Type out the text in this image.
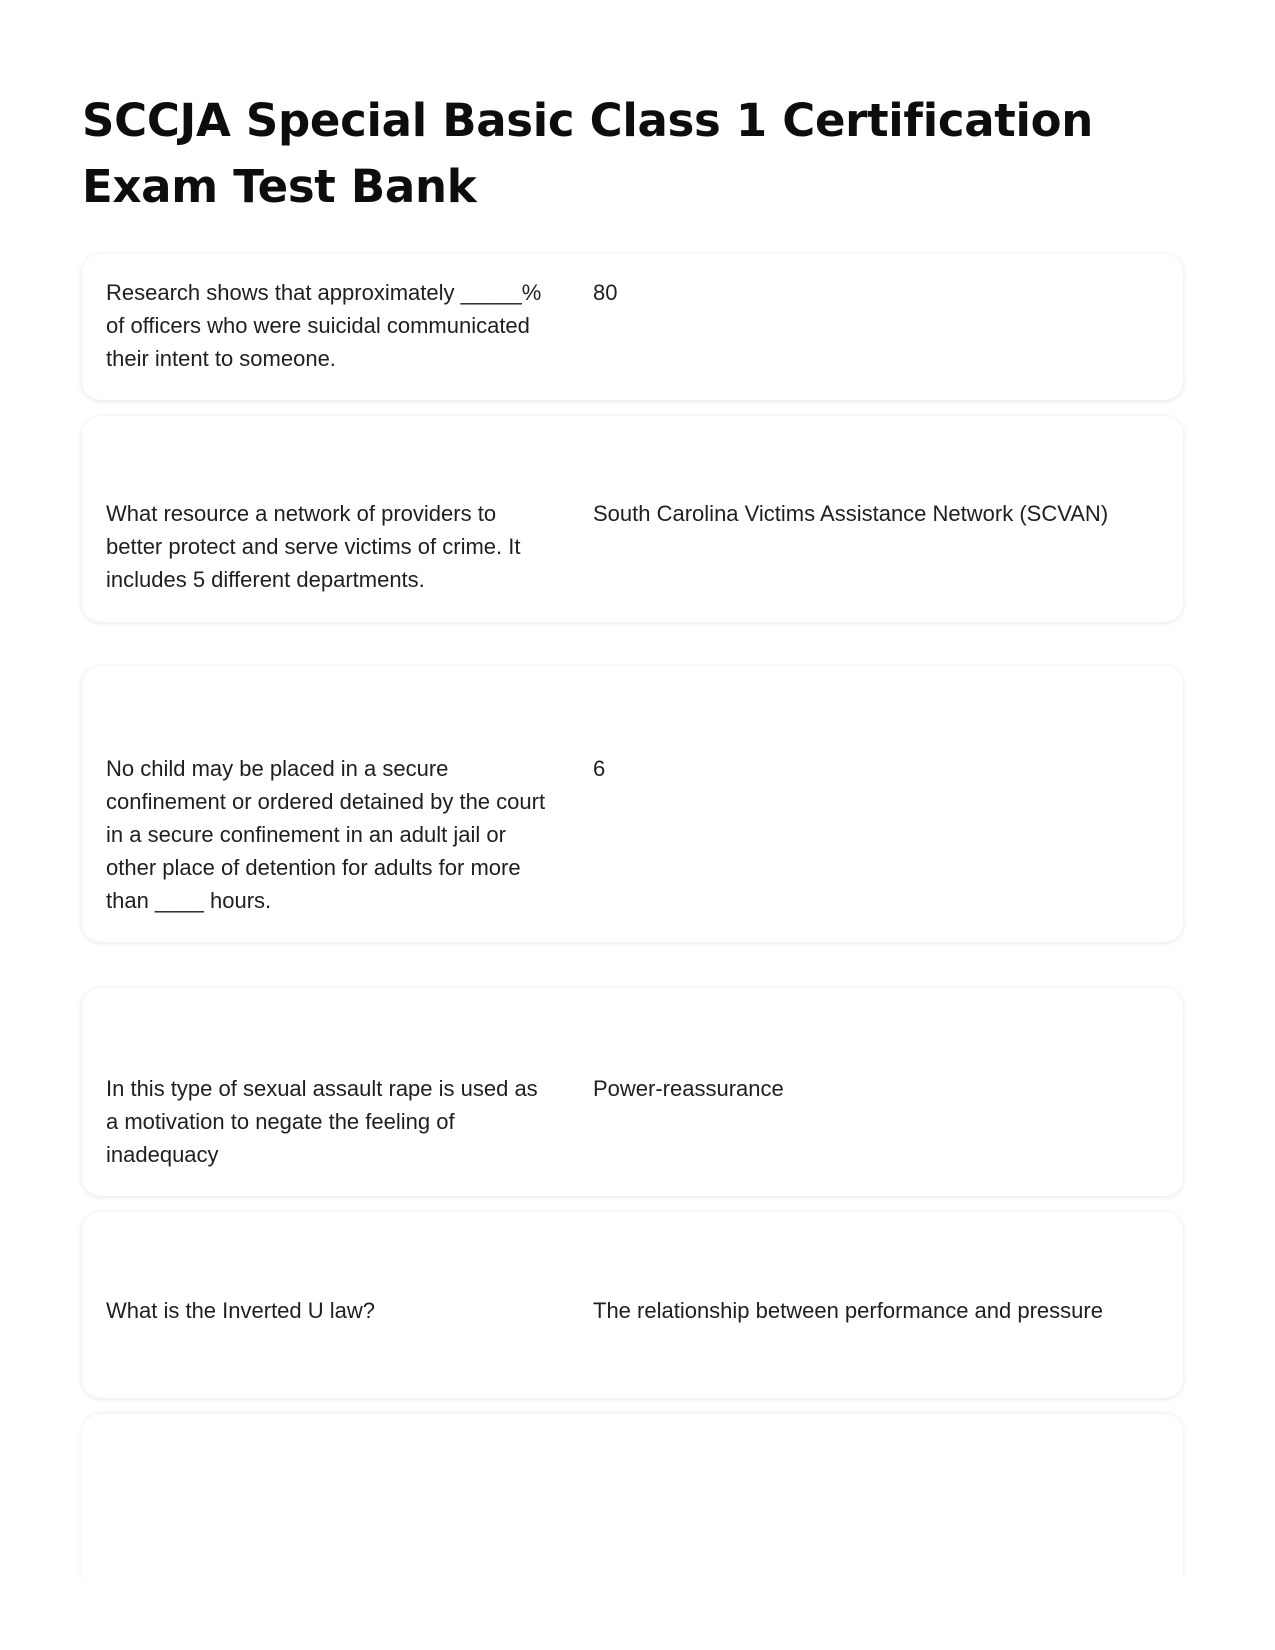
SCCJA Special Basic Class 1 Certification Exam Test Bank

Research shows that approximately _____% of officers who were suicidal communicated their intent to someone.

80

What resource a network of providers to better protect and serve victims of crime. It includes 5 different departments.

South Carolina Victims Assistance Network (SCVAN)

No child may be placed in a secure confinement or ordered detained by the court in a secure confinement in an adult jail or other place of detention for adults for more than ____ hours.

6

In this type of sexual assault rape is used as a motivation to negate the feeling of inadequacy

Power-reassurance

What is the Inverted U law?	The relationship between performance and pressure
